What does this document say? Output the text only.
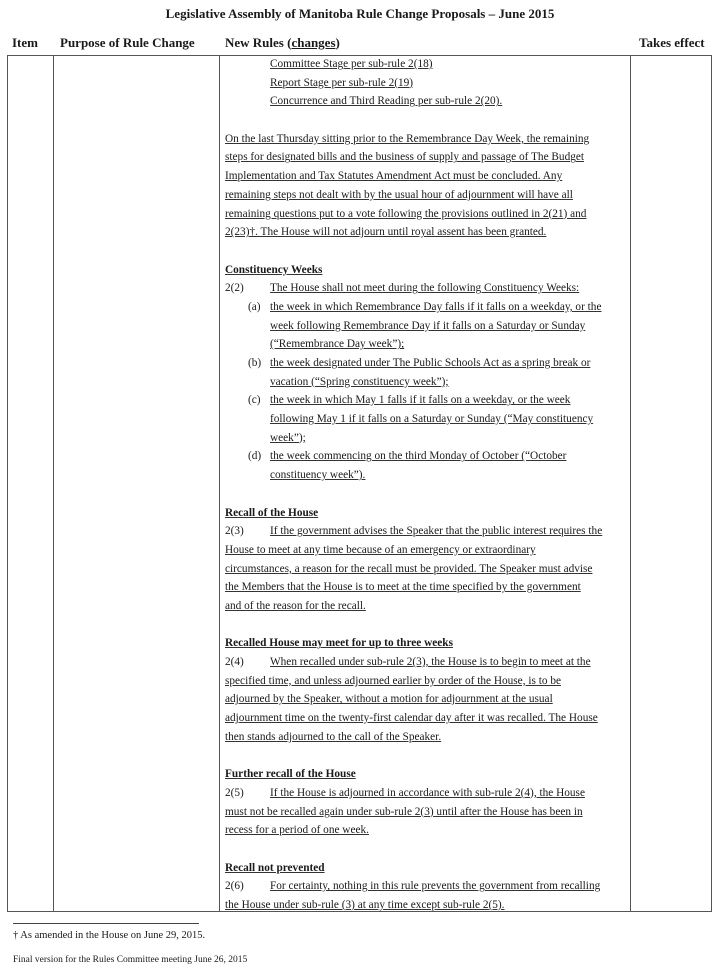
Legislative Assembly of Manitoba Rule Change Proposals – June 2015
Item Purpose of Rule Change New Rules (changes)	Takes effect
Committee Stage per sub-rule 2(18)
Report Stage per sub-rule 2(19)
Concurrence and Third Reading per sub-rule 2(20).
On the last Thursday sitting prior to the Remembrance Day Week, the remaining
steps for designated bills and the business of supply and passage of The Budget
Implementation and Tax Statutes Amendment Act must be concluded. Any
remaining steps not dealt with by the usual hour of adjournment will have all
remaining questions put to a vote following the provisions outlined in 2(21) and
2(23)†. The House will not adjourn until royal assent has been granted.
Constituency Weeks
2(2) The House shall not meet during the following Constituency Weeks:
(a) the week in which Remembrance Day falls if it falls on a weekday, or the
week following Remembrance Day if it falls on a Saturday or Sunday
(“Remembrance Day week”);
(b) the week designated under The Public Schools Act as a spring break or
vacation (“Spring constituency week”);
(c) the week in which May 1 falls if it falls on a weekday, or the week
following May 1 if it falls on a Saturday or Sunday (“May constituency
week”);
(d) the week commencing on the third Monday of October (“October
constituency week”).
Recall of the House
2(3) If the government advises the Speaker that the public interest requires the
House to meet at any time because of an emergency or extraordinary
circumstances, a reason for the recall must be provided. The Speaker must advise
the Members that the House is to meet at the time specified by the government
and of the reason for the recall.
Recalled House may meet for up to three weeks
2(4) When recalled under sub-rule 2(3), the House is to begin to meet at the
specified time, and unless adjourned earlier by order of the House, is to be
adjourned by the Speaker, without a motion for adjournment at the usual
adjournment time on the twenty-first calendar day after it was recalled. The House
then stands adjourned to the call of the Speaker.
Further recall of the House
2(5) If the House is adjourned in accordance with sub-rule 2(4), the House
must not be recalled again under sub-rule 2(3) until after the House has been in
recess for a period of one week.
Recall not prevented
2(6) For certainty, nothing in this rule prevents the government from recalling
the House under sub-rule (3) at any time except sub-rule 2(5).
† As amended in the House on June 29, 2015.
Final version for the Rules Committee meeting June 26, 2015
